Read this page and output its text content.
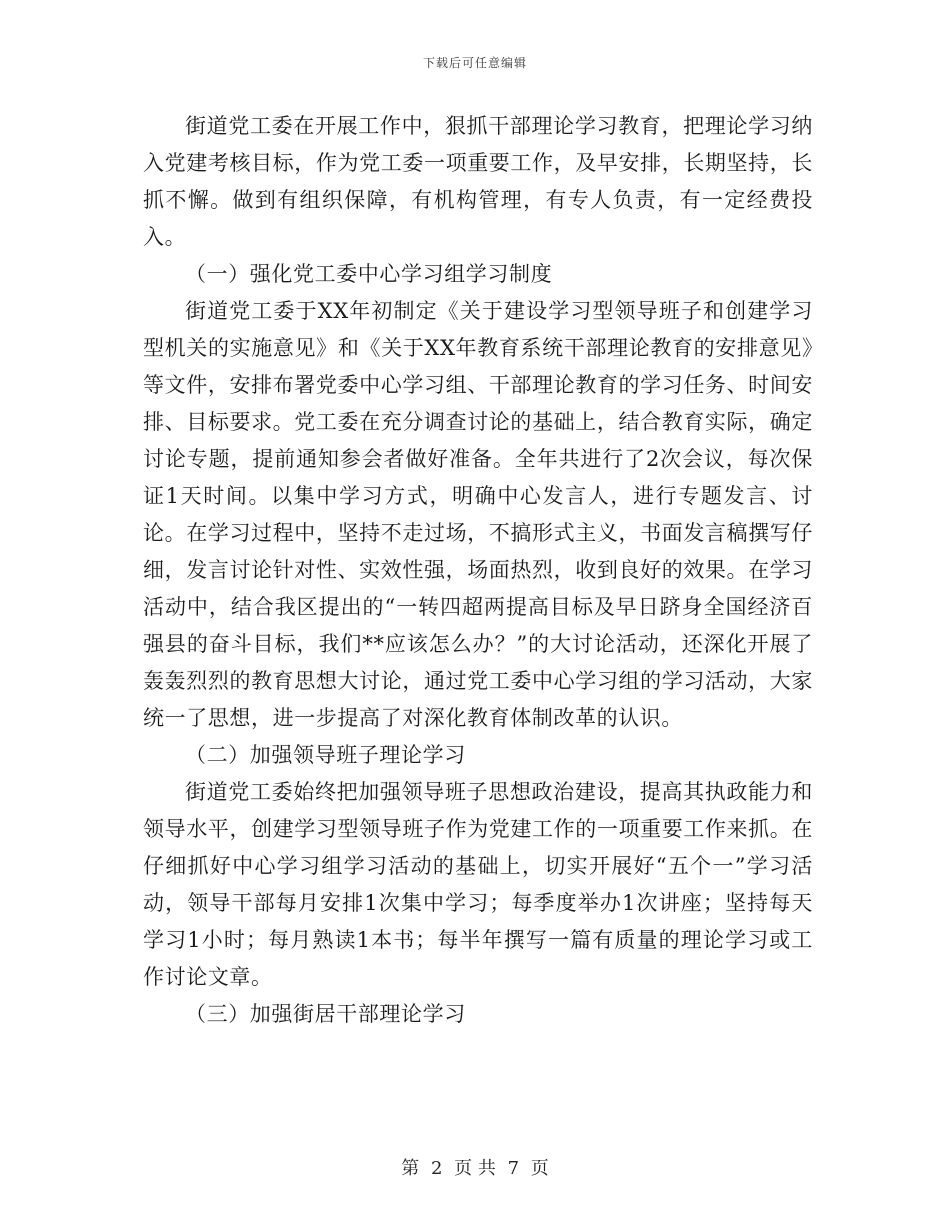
下载后可任意编辑

街道党工委在开展工作中，狠抓干部理论学习教育，把理论学习纳入党建考核目标，作为党工委一项重要工作，及早安排，长期坚持，长抓不懈。做到有组织保障，有机构管理，有专人负责，有一定经费投入。

（一）强化党工委中心学习组学习制度

街道党工委于XX年初制定《关于建设学习型领导班子和创建学习型机关的实施意见》和《关于XX年教育系统干部理论教育的安排意见》等文件，安排布署党委中心学习组、干部理论教育的学习任务、时间安排、目标要求。党工委在充分调查讨论的基础上，结合教育实际，确定讨论专题，提前通知参会者做好准备。全年共进行了2次会议，每次保证1天时间。以集中学习方式，明确中心发言人，进行专题发言、讨论。在学习过程中，坚持不走过场，不搞形式主义，书面发言稿撰写仔细，发言讨论针对性、实效性强，场面热烈，收到良好的效果。在学习活动中，结合我区提出的“一转四超两提高目标及早日跻身全国经济百强县的奋斗目标，我们**应该怎么办？”的大讨论活动，还深化开展了轰轰烈烈的教育思想大讨论，通过党工委中心学习组的学习活动，大家统一了思想，进一步提高了对深化教育体制改革的认识。

（二）加强领导班子理论学习

街道党工委始终把加强领导班子思想政治建设，提高其执政能力和领导水平，创建学习型领导班子作为党建工作的一项重要工作来抓。在仔细抓好中心学习组学习活动的基础上，切实开展好“五个一”学习活动，领导干部每月安排1次集中学习；每季度举办1次讲座；坚持每天学习1小时；每月熟读1本书；每半年撰写一篇有质量的理论学习或工作讨论文章。

（三）加强街居干部理论学习

第 2 页 共 7 页
